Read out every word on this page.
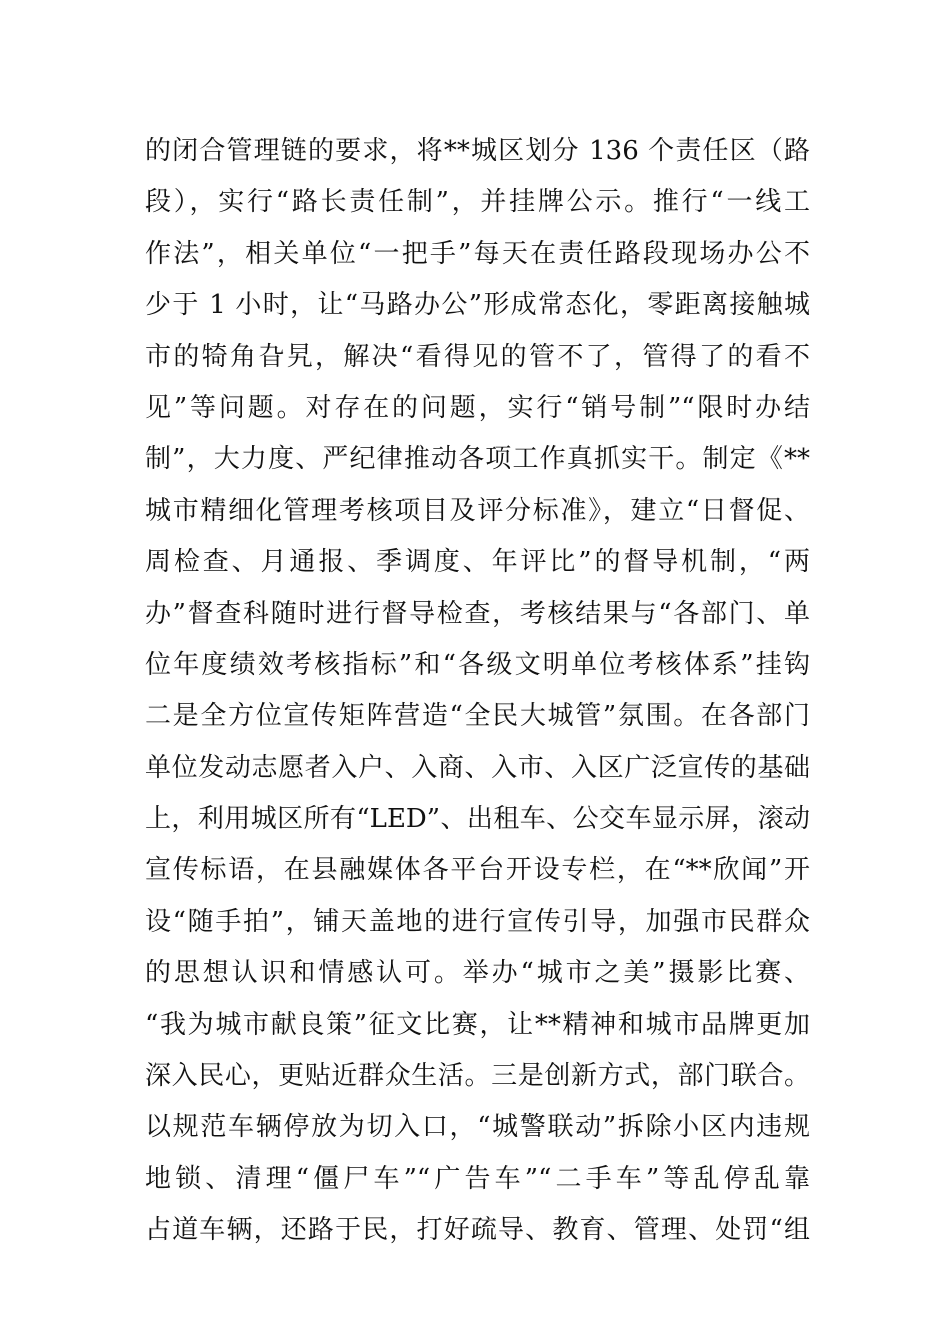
的闭合管理链的要求，将**城区划分 136 个责任区（路
段），实行“路长责任制”，并挂牌公示。推行“一线工
作法”，相关单位“一把手”每天在责任路段现场办公不
少于 1 小时，让“马路办公”形成常态化，零距离接触城
市的犄角旮旯，解决“看得见的管不了，管得了的看不
见”等问题。对存在的问题，实行“销号制”“限时办结
制”，大力度、严纪律推动各项工作真抓实干。制定《**
城市精细化管理考核项目及评分标准》，建立“日督促、
周检查、月通报、季调度、年评比”的督导机制，“两
办”督查科随时进行督导检查，考核结果与“各部门、单
位年度绩效考核指标”和“各级文明单位考核体系”挂钩
二是全方位宣传矩阵营造“全民大城管”氛围。在各部门
单位发动志愿者入户、入商、入市、入区广泛宣传的基础
上，利用城区所有“LED”、出租车、公交车显示屏，滚动
宣传标语，在县融媒体各平台开设专栏，在“**欣闻”开
设“随手拍”，铺天盖地的进行宣传引导，加强市民群众
的思想认识和情感认可。举办“城市之美”摄影比赛、
“我为城市献良策”征文比赛，让**精神和城市品牌更加
深入民心，更贴近群众生活。三是创新方式，部门联合。
以规范车辆停放为切入口，“城警联动”拆除小区内违规
地锁、清理“僵尸车”“广告车”“二手车”等乱停乱靠
占道车辆，还路于民，打好疏导、教育、管理、处罚“组
